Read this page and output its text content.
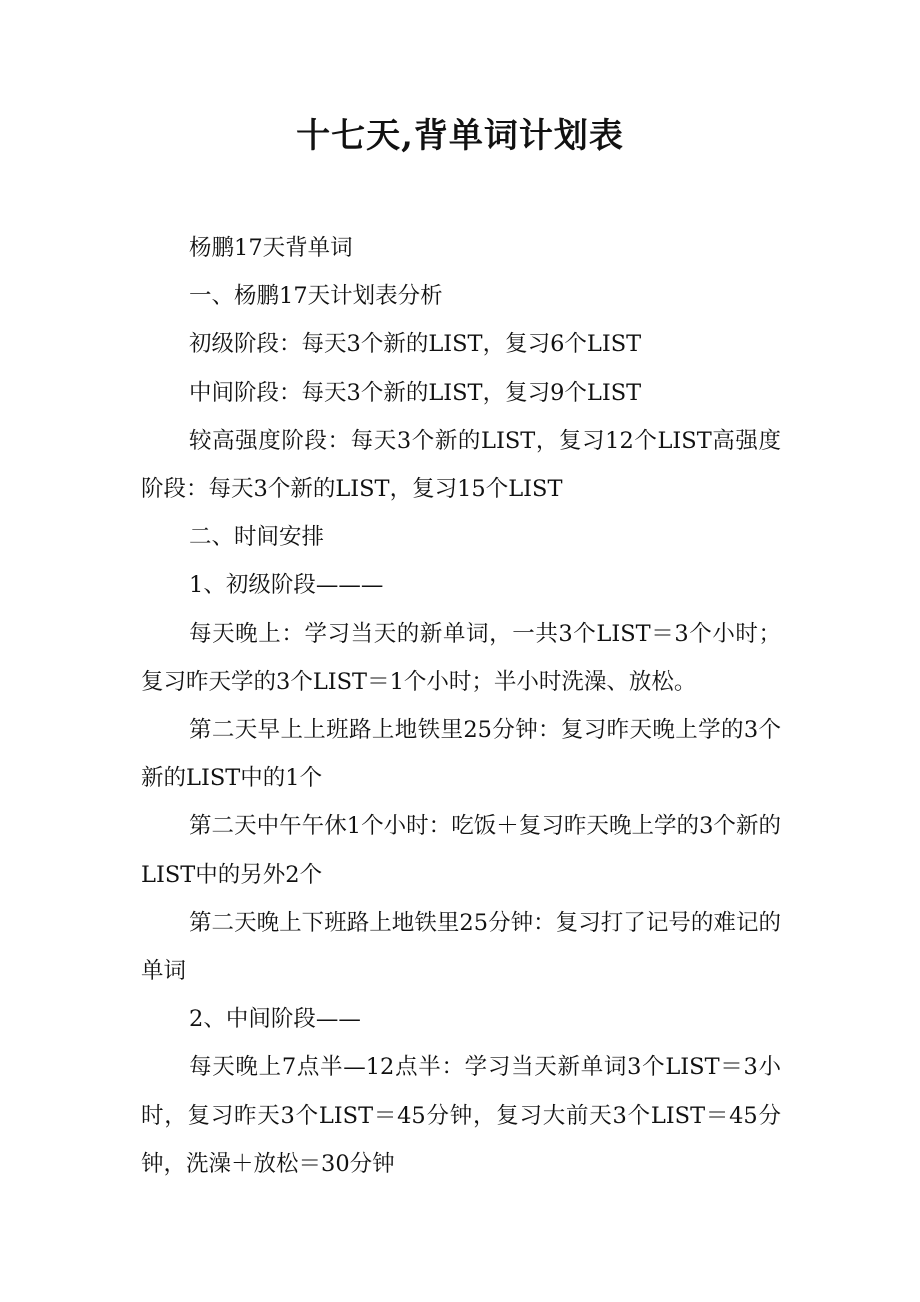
十七天,背单词计划表

杨鹏17天背单词

一、杨鹏17天计划表分析

初级阶段：每天3个新的LIST，复习6个LIST

中间阶段：每天3个新的LIST，复习9个LIST

较高强度阶段：每天3个新的LIST，复习12个LIST高强度阶段：每天3个新的LIST，复习15个LIST

二、时间安排

1、初级阶段———

每天晚上：学习当天的新单词，一共3个LIST＝3个小时；复习昨天学的3个LIST＝1个小时；半小时洗澡、放松。

第二天早上上班路上地铁里25分钟：复习昨天晚上学的3个新的LIST中的1个

第二天中午午休1个小时：吃饭＋复习昨天晚上学的3个新的LIST中的另外2个

第二天晚上下班路上地铁里25分钟：复习打了记号的难记的单词

2、中间阶段——

每天晚上7点半—12点半：学习当天新单词3个LIST＝3小时，复习昨天3个LIST＝45分钟，复习大前天3个LIST＝45分钟，洗澡＋放松＝30分钟
